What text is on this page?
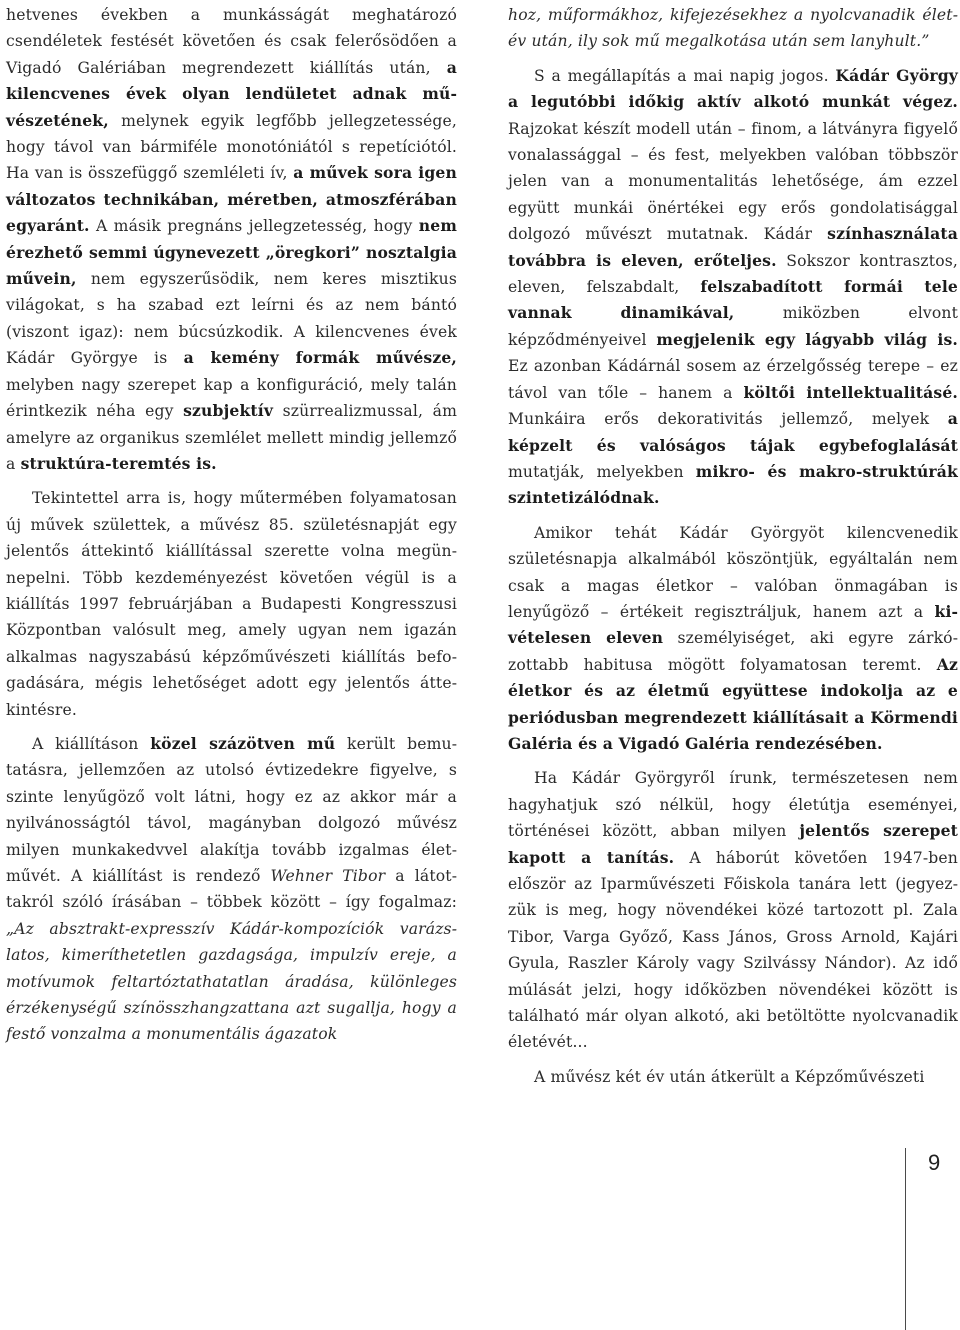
hetvenes években a munkásságát meghatározó csendéletek festését követően és csak felerősödően a Vigadó Galériában megrendezett kiállítás után, a kilencvenes évek olyan lendületet adnak művészetének, melynek egyik legfőbb jellegzetessége, hogy távol van bármiféle monotóniától s repetíciótól. Ha van is összefüggő szemléleti ív, a művek sora igen változatos technikában, méretben, atmoszférában egyaránt. A másik pregnáns jellegzetesség, hogy nem érezhető semmi úgynevezett „öregkori” nosztalgia művein, nem egyszerűsödik, nem keres misztikus világokat, s ha szabad ezt leírni és az nem bántó (viszont igaz): nem búcsúzkodik. A kilencvenes évek Kádár Györgye is a kemény formák művésze, melyben nagy szerepet kap a konfiguráció, mely talán érintkezik néha egy szubjektív szürrealizmussal, ám amelyre az organikus szemlélet mellett mindig jellemző a struktúra-teremtés is.

Tekintettel arra is, hogy műtermében folyamatosan új művek születtek, a művész 85. születésnapját egy jelentős áttekintő kiállítással szerette volna megünnepelni. Több kezdeményezést követően végül is a kiállítás 1997 februárjában a Budapesti Kongresszusi Központban valósult meg, amely ugyan nem igazán alkalmas nagyszabású képzőművészeti kiállítás befogadására, mégis lehetőséget adott egy jelentős áttekintésre.

A kiállításon közel százötven mű került bemutatásra, jellemzően az utolsó évtizedekre figyelve, s szinte lenyűgöző volt látni, hogy ez az akkor már a nyilvánosságtól távol, magányban dolgozó művész milyen munkakedvvel alakítja tovább izgalmas életművét. A kiállítást is rendező Wehner Tibor a látottakról szóló írásában – többek között – így fogalmaz: „Az absztrakt-expresszív Kádár-kompozíciók varázslatos, kimeríthetetlen gazdagsága, impulzív ereje, a motívumok feltartóztathatatlan áradása, különleges érzékenységű színösszhangzattana azt sugallja, hogy a festő vonzalma a monumentális ágazatok

hoz, műformákhoz, kifejezésekhez a nyolcvanadik életév után, ily sok mű megalkotása után sem lanyhult.”

S a megállapítás a mai napig jogos. Kádár György a legutóbbi időkig aktív alkotó munkát végez. Rajzokat készít modell után – finom, a látványra figyelő vonalassággal – és fest, melyekben valóban többször jelen van a monumentalitás lehetősége, ám ezzel együtt munkái önértékei egy erős gondolatisággal dolgozó művészt mutatnak. Kádár színhasználata továbbra is eleven, erőteljes. Sokszor kontrasztos, eleven, felszabdalt, felszabadított formái tele vannak dinamikával, miközben elvont képződményeivel megjelenik egy lágyabb világ is. Ez azonban Kádárnál sosem az érzelgősség terepe – ez távol van tőle – hanem a költői intellektualitásé. Munkáira erős dekorativitás jellemző, melyek a képzelt és valóságos tájak egybefoglalását mutatják, melyekben mikro- és makro-struktúrák szintetizálódnak.

Amikor tehát Kádár Györgyöt kilencvenedik születésnapja alkalmából köszöntjük, egyáltalán nem csak a magas életkor – valóban önmagában is lenyűgöző – értékeit regisztráljuk, hanem azt a kivételesen eleven személyiséget, aki egyre zárkózottabb habitusa mögött folyamatosan teremt. Az életkor és az életmű együttese indokolja az e periódusban megrendezett kiállításait a Körmendi Galéria és a Vigadó Galéria rendezésében.

Ha Kádár Györgyről írunk, természetesen nem hagyhatjuk szó nélkül, hogy életútja eseményei, történései között, abban milyen jelentős szerepet kapott a tanítás. A háborút követően 1947-ben először az Iparművészeti Főiskola tanára lett (jegyezzük is meg, hogy növendékei közé tartozott pl. Zala Tibor, Varga Győző, Kass János, Gross Arnold, Kajári Gyula, Raszler Károly vagy Szilvássy Nándor). Az idő múlását jelzi, hogy időközben növendékei között is található már olyan alkotó, aki betöltötte nyolcvanadik életévét...

A művész két év után átkerült a Képzőművészeti

9
